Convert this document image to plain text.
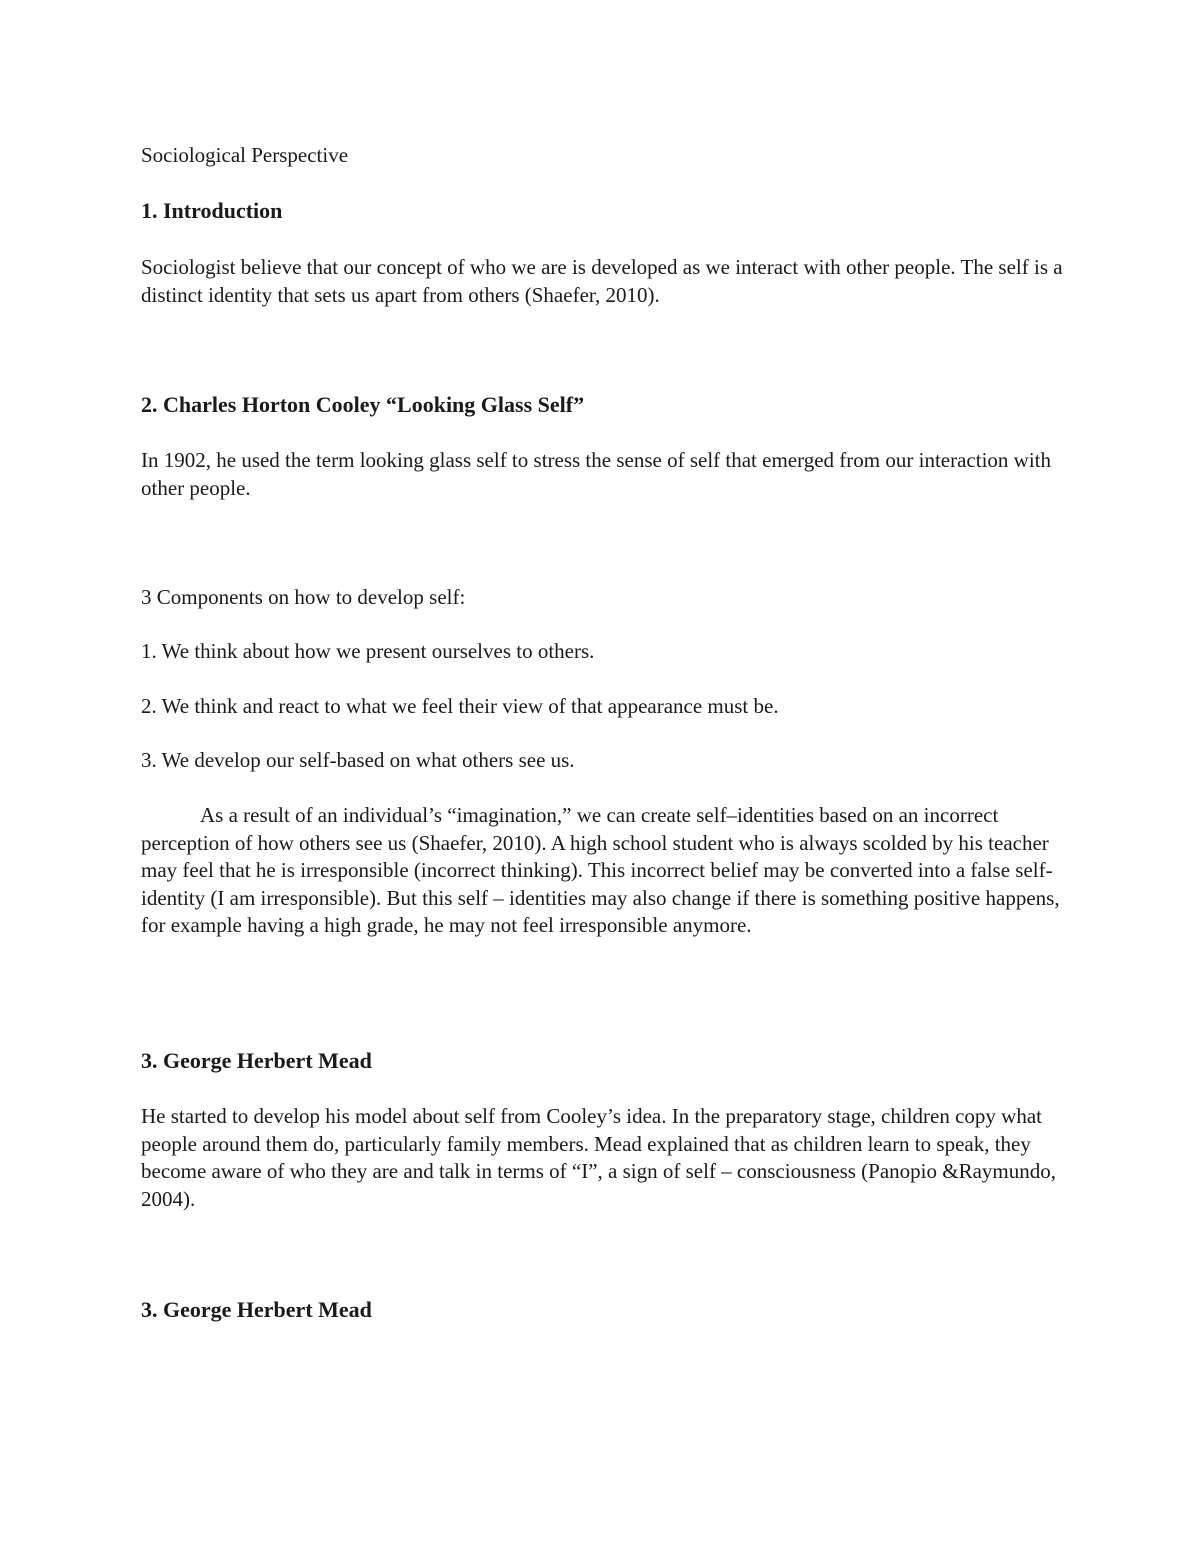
Sociological Perspective

1. Introduction

Sociologist believe that our concept of who we are is developed as we interact with other people. The self is a distinct identity that sets us apart from others (Shaefer, 2010).

2. Charles Horton Cooley “Looking Glass Self”

In 1902, he used the term looking glass self to stress the sense of self that emerged from our interaction with other people.

3 Components on how to develop self:

1. We think about how we present ourselves to others.

2. We think and react to what we feel their view of that appearance must be.

3. We develop our self-based on what others see us.

As a result of an individual’s “imagination,” we can create self–identities based on an incorrect perception of how others see us (Shaefer, 2010). A high school student who is always scolded by his teacher may feel that he is irresponsible (incorrect thinking). This incorrect belief may be converted into a false self-identity (I am irresponsible). But this self – identities may also change if there is something positive happens, for example having a high grade, he may not feel irresponsible anymore.

3. George Herbert Mead

He started to develop his model about self from Cooley’s idea. In the preparatory stage, children copy what people around them do, particularly family members. Mead explained that as children learn to speak, they become aware of who they are and talk in terms of “I”, a sign of self – consciousness (Panopio &Raymundo, 2004).

3. George Herbert Mead
